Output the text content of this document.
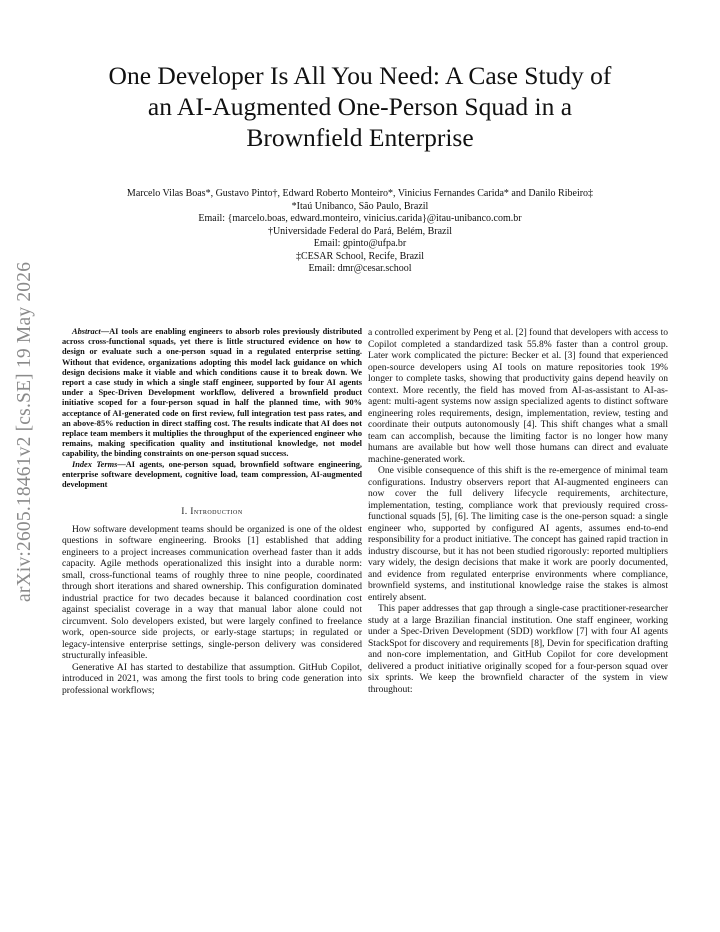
arXiv:2605.18461v2 [cs.SE] 19 May 2026
One Developer Is All You Need: A Case Study of
an AI-Augmented One-Person Squad in a
Brownfield Enterprise
Marcelo Vilas Boas*, Gustavo Pinto†, Edward Roberto Monteiro*, Vinicius Fernandes Carida* and Danilo Ribeiro‡
*Itaú Unibanco, São Paulo, Brazil
Email: {marcelo.boas, edward.monteiro, vinicius.carida}@itau-unibanco.com.br
†Universidade Federal do Pará, Belém, Brazil
Email: gpinto@ufpa.br
‡CESAR School, Recife, Brazil
Email: dmr@cesar.school

Abstract—AI tools are enabling engineers to absorb roles previously distributed across cross-functional squads, yet there is little structured evidence on how to design or evaluate such a one-person squad in a regulated enterprise setting. Without that evidence, organizations adopting this model lack guidance on which design decisions make it viable and which conditions cause it to break down. We report a case study in which a single staff engineer, supported by four AI agents under a Spec-Driven Development workflow, delivered a brownfield product initiative scoped for a four-person squad in half the planned time, with 90% acceptance of AI-generated code on first review, full integration test pass rates, and an above-85% reduction in direct staffing cost. The results indicate that AI does not replace team members it multiplies the throughput of the experienced engineer who remains, making specification quality and institutional knowledge, not model capability, the binding constraints on one-person squad success.

Index Terms—AI agents, one-person squad, brownfield software engineering, enterprise software development, cognitive load, team compression, AI-augmented development

I. Introduction

How software development teams should be organized is one of the oldest questions in software engineering. Brooks [1] established that adding engineers to a project increases communication overhead faster than it adds capacity. Agile methods operationalized this insight into a durable norm: small, cross-functional teams of roughly three to nine people, coordinated through short iterations and shared ownership. This configuration dominated industrial practice for two decades because it balanced coordination cost against specialist coverage in a way that manual labor alone could not circumvent. Solo developers existed, but were largely confined to freelance work, open-source side projects, or early-stage startups; in regulated or legacy-intensive enterprise settings, single-person delivery was considered structurally infeasible.

Generative AI has started to destabilize that assumption. GitHub Copilot, introduced in 2021, was among the first tools to bring code generation into professional workflows;

a controlled experiment by Peng et al. [2] found that developers with access to Copilot completed a standardized task 55.8% faster than a control group. Later work complicated the picture: Becker et al. [3] found that experienced open-source developers using AI tools on mature repositories took 19% longer to complete tasks, showing that productivity gains depend heavily on context. More recently, the field has moved from AI-as-assistant to AI-as-agent: multi-agent systems now assign specialized agents to distinct software engineering roles requirements, design, implementation, review, testing and coordinate their outputs autonomously [4]. This shift changes what a small team can accomplish, because the limiting factor is no longer how many humans are available but how well those humans can direct and evaluate machine-generated work.

One visible consequence of this shift is the re-emergence of minimal team configurations. Industry observers report that AI-augmented engineers can now cover the full delivery lifecycle requirements, architecture, implementation, testing, compliance work that previously required cross-functional squads [5], [6]. The limiting case is the one-person squad: a single engineer who, supported by configured AI agents, assumes end-to-end responsibility for a product initiative. The concept has gained rapid traction in industry discourse, but it has not been studied rigorously: reported multipliers vary widely, the design decisions that make it work are poorly documented, and evidence from regulated enterprise environments where compliance, brownfield systems, and institutional knowledge raise the stakes is almost entirely absent.

This paper addresses that gap through a single-case practitioner-researcher study at a large Brazilian financial institution. One staff engineer, working under a Spec-Driven Development (SDD) workflow [7] with four AI agents StackSpot for discovery and requirements [8], Devin for specification drafting and non-core implementation, and GitHub Copilot for core development delivered a product initiative originally scoped for a four-person squad over six sprints. We keep the brownfield character of the system in view throughout:
